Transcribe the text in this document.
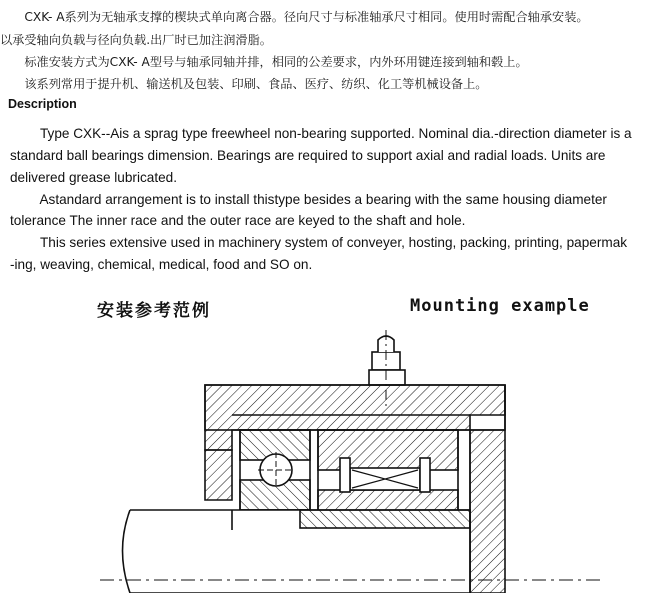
　　CXK- A系列为无轴承支撑的楔块式单向离合器。径向尺寸与标准轴承尺寸相同。使用时需配合轴承安装。
以承受轴向负载与径向负载.出厂时已加注润滑脂。
　　标准安装方式为CXK- A型号与轴承同轴并排，相同的公差要求，内外环用键连接到轴和毂上。
　　该系列常用于提升机、输送机及包装、印刷、食品、医疗、纺织、化工等机械设备上。
Description
Type CXK--Ais a sprag type freewheel non-bearing supported. Nominal dia.-direction diameter is a
standard ball bearings dimension. Bearings are required to support axial and radial loads. Units are
delivered grease lubricated.
Astandard arrangement is to install thistype besides a bearing with the same housing diameter
tolerance The inner race and the outer race are keyed to the shaft and hole.
This series extensive used in machinery system of conveyer, hosting, packing, printing, papermak
-ing, weaving, chemical, medical, food and SO on.
安装参考范例	Mounting example
